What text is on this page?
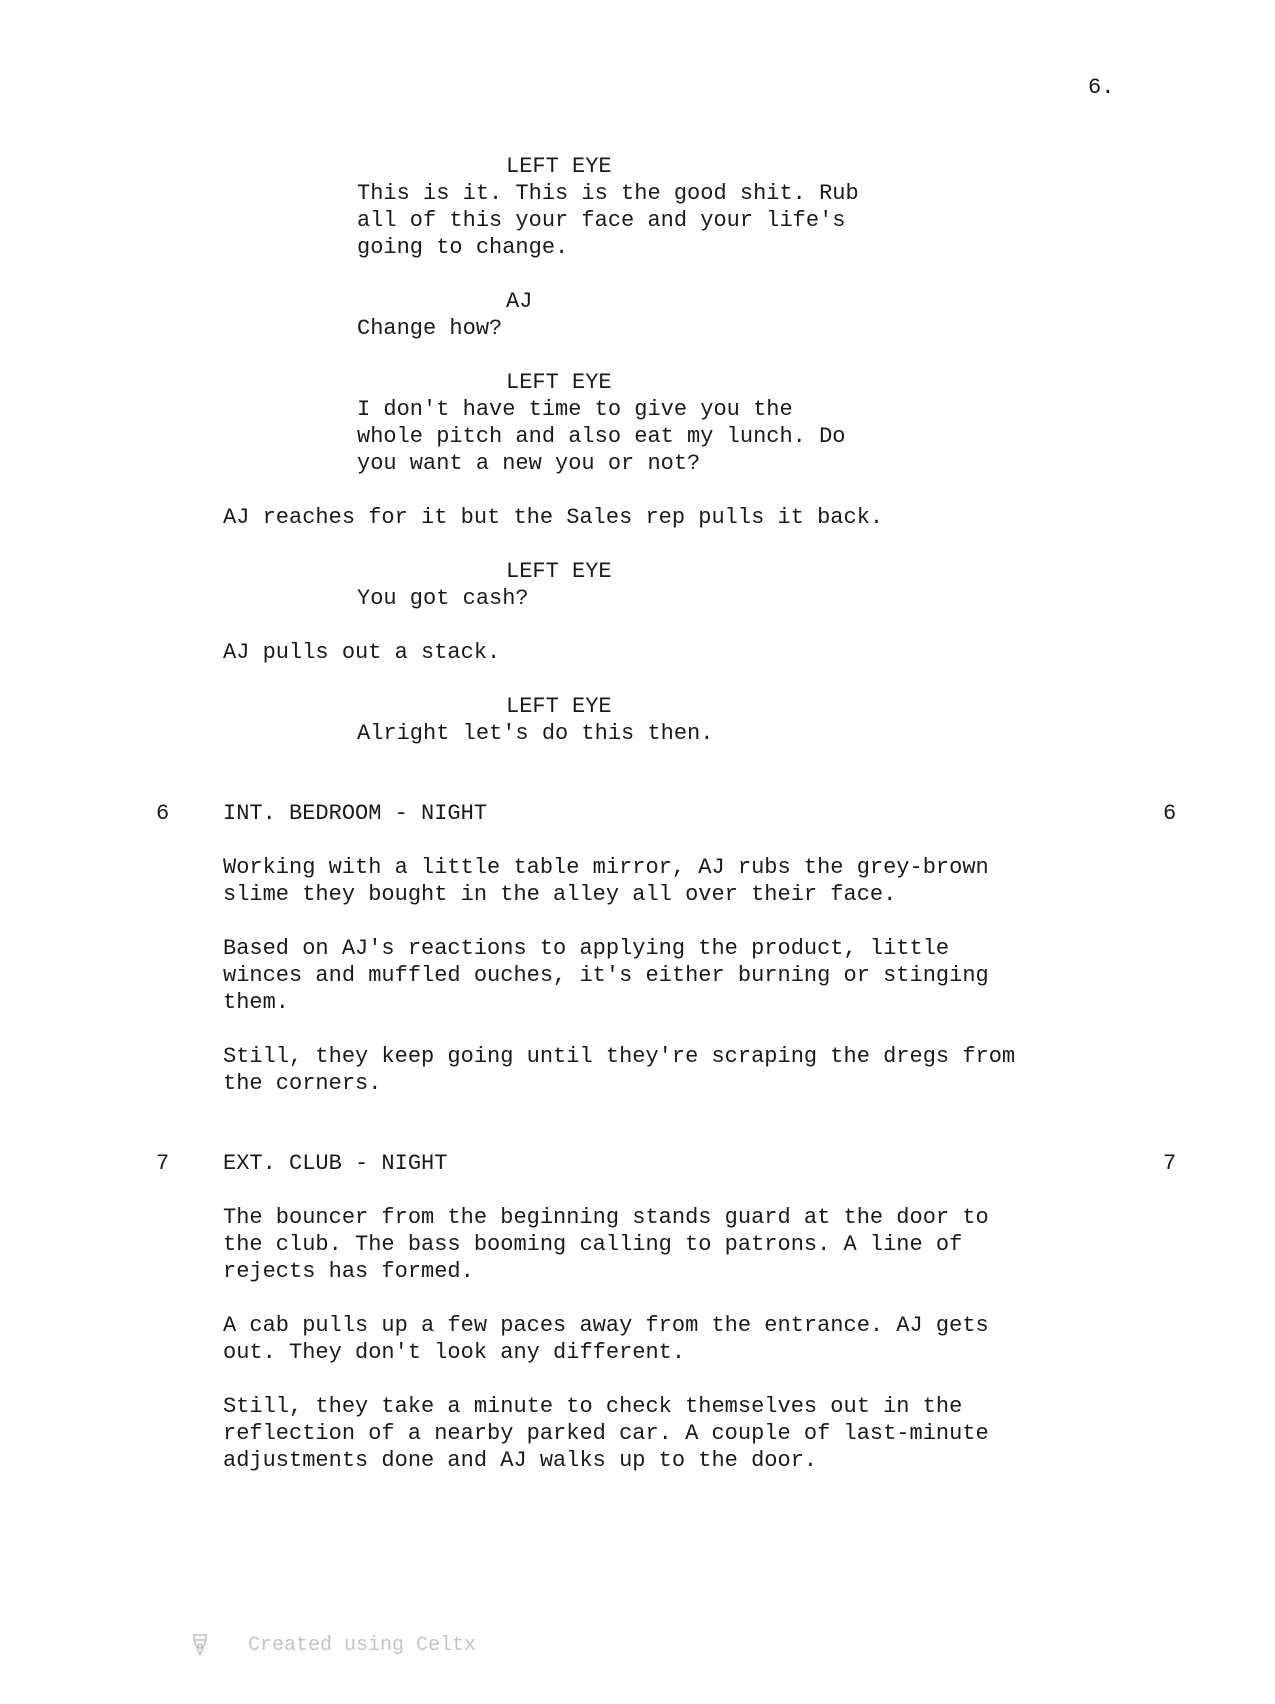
6.
LEFT EYE
This is it. This is the good shit. Rub
all of this your face and your life's
going to change.
AJ
Change how?
LEFT EYE
I don't have time to give you the
whole pitch and also eat my lunch. Do
you want a new you or not?
AJ reaches for it but the Sales rep pulls it back.
LEFT EYE
You got cash?
AJ pulls out a stack.
LEFT EYE
Alright let's do this then.
6 INT. BEDROOM - NIGHT	6
Working with a little table mirror, AJ rubs the grey-brown
slime they bought in the alley all over their face.
Based on AJ's reactions to applying the product, little
winces and muffled ouches, it's either burning or stinging
them.
Still, they keep going until they're scraping the dregs from
the corners.
7 EXT. CLUB - NIGHT	7
The bouncer from the beginning stands guard at the door to
the club. The bass booming calling to patrons. A line of
rejects has formed.
A cab pulls up a few paces away from the entrance. AJ gets
out. They don't look any different.
Still, they take a minute to check themselves out in the
reflection of a nearby parked car. A couple of last-minute
adjustments done and AJ walks up to the door.

Created using Celtx
